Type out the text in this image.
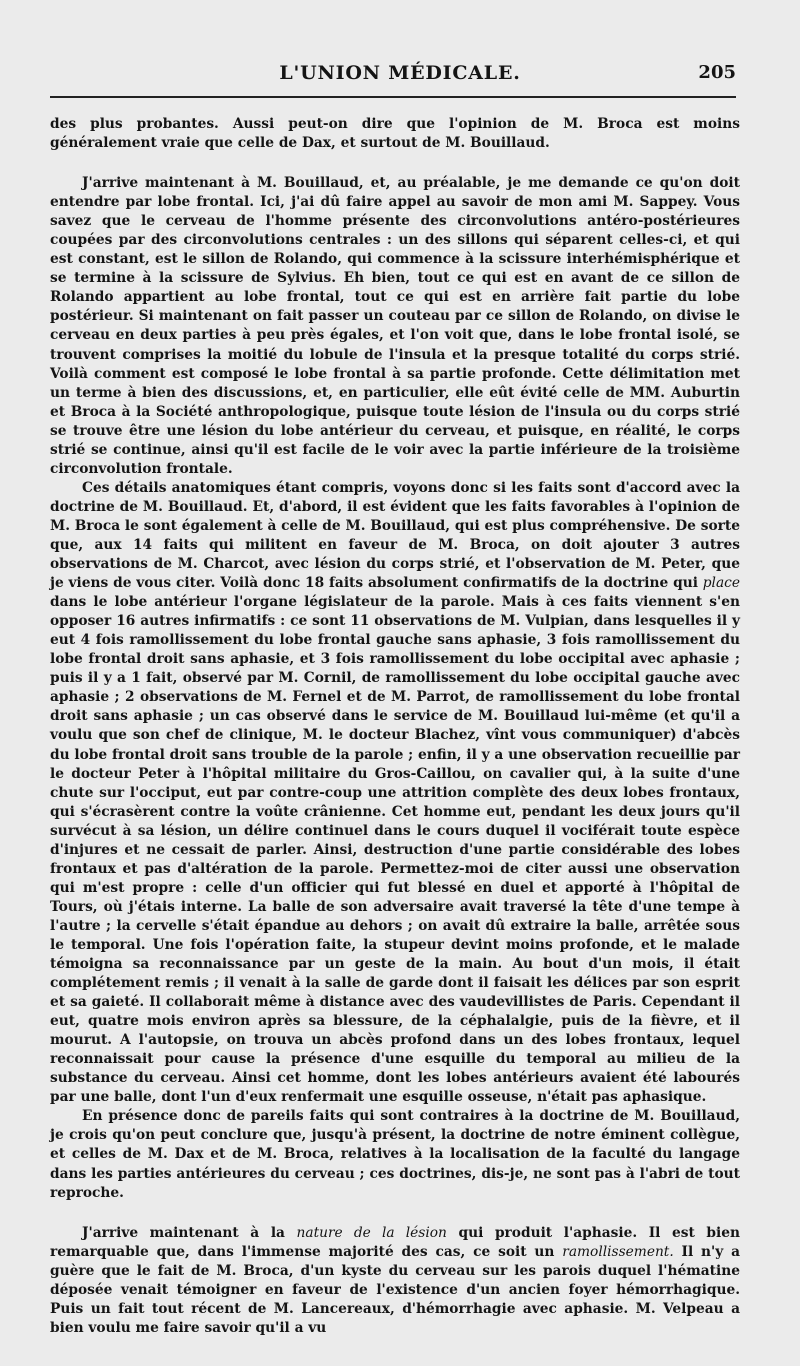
L'UNION MÉDICALE.	205

des plus probantes. Aussi peut-on dire que l'opinion de M. Broca est moins généralement vraie que celle de Dax, et surtout de M. Bouillaud.

J'arrive maintenant à M. Bouillaud, et, au préalable, je me demande ce qu'on doit entendre par lobe frontal. Ici, j'ai dû faire appel au savoir de mon ami M. Sappey. Vous savez que le cerveau de l'homme présente des circonvolutions antéro-postérieures coupées par des circonvolutions centrales : un des sillons qui séparent celles-ci, et qui est constant, est le sillon de Rolando, qui commence à la scissure interhémisphérique et se termine à la scissure de Sylvius. Eh bien, tout ce qui est en avant de ce sillon de Rolando appartient au lobe frontal, tout ce qui est en arrière fait partie du lobe postérieur. Si maintenant on fait passer un couteau par ce sillon de Rolando, on divise le cerveau en deux parties à peu près égales, et l'on voit que, dans le lobe frontal isolé, se trouvent comprises la moitié du lobule de l'insula et la presque totalité du corps strié. Voilà comment est composé le lobe frontal à sa partie profonde. Cette délimitation met un terme à bien des discussions, et, en particulier, elle eût évité celle de MM. Auburtin et Broca à la Société anthropologique, puisque toute lésion de l'insula ou du corps strié se trouve être une lésion du lobe antérieur du cerveau, et puisque, en réalité, le corps strié se continue, ainsi qu'il est facile de le voir avec la partie inférieure de la troisième circonvolution frontale.

Ces détails anatomiques étant compris, voyons donc si les faits sont d'accord avec la doctrine de M. Bouillaud. Et, d'abord, il est évident que les faits favorables à l'opinion de M. Broca le sont également à celle de M. Bouillaud, qui est plus compréhensive. De sorte que, aux 14 faits qui militent en faveur de M. Broca, on doit ajouter 3 autres observations de M. Charcot, avec lésion du corps strié, et l'observation de M. Peter, que je viens de vous citer. Voilà donc 18 faits absolument confirmatifs de la doctrine qui place dans le lobe antérieur l'organe législateur de la parole. Mais à ces faits viennent s'en opposer 16 autres infirmatifs : ce sont 11 observations de M. Vulpian, dans lesquelles il y eut 4 fois ramollissement du lobe frontal gauche sans aphasie, 3 fois ramollissement du lobe frontal droit sans aphasie, et 3 fois ramollissement du lobe occipital avec aphasie ; puis il y a 1 fait, observé par M. Cornil, de ramollissement du lobe occipital gauche avec aphasie ; 2 observations de M. Fernel et de M. Parrot, de ramollissement du lobe frontal droit sans aphasie ; un cas observé dans le service de M. Bouillaud lui-même (et qu'il a voulu que son chef de clinique, M. le docteur Blachez, vînt vous communiquer) d'abcès du lobe frontal droit sans trouble de la parole ; enfin, il y a une observation recueillie par le docteur Peter à l'hôpital militaire du Gros-Caillou, on cavalier qui, à la suite d'une chute sur l'occiput, eut par contre-coup une attrition complète des deux lobes frontaux, qui s'écrasèrent contre la voûte crânienne. Cet homme eut, pendant les deux jours qu'il survécut à sa lésion, un délire continuel dans le cours duquel il vociférait toute espèce d'injures et ne cessait de parler. Ainsi, destruction d'une partie considérable des lobes frontaux et pas d'altération de la parole. Permettez-moi de citer aussi une observation qui m'est propre : celle d'un officier qui fut blessé en duel et apporté à l'hôpital de Tours, où j'étais interne. La balle de son adversaire avait traversé la tête d'une tempe à l'autre ; la cervelle s'était épandue au dehors ; on avait dû extraire la balle, arrêtée sous le temporal. Une fois l'opération faite, la stupeur devint moins profonde, et le malade témoigna sa reconnaissance par un geste de la main. Au bout d'un mois, il était complétement remis ; il venait à la salle de garde dont il faisait les délices par son esprit et sa gaieté. Il collaborait même à distance avec des vaudevillistes de Paris. Cependant il eut, quatre mois environ après sa blessure, de la céphalalgie, puis de la fièvre, et il mourut. A l'autopsie, on trouva un abcès profond dans un des lobes frontaux, lequel reconnaissait pour cause la présence d'une esquille du temporal au milieu de la substance du cerveau. Ainsi cet homme, dont les lobes antérieurs avaient été labourés par une balle, dont l'un d'eux renfermait une esquille osseuse, n'était pas aphasique.

En présence donc de pareils faits qui sont contraires à la doctrine de M. Bouillaud, je crois qu'on peut conclure que, jusqu'à présent, la doctrine de notre éminent collègue, et celles de M. Dax et de M. Broca, relatives à la localisation de la faculté du langage dans les parties antérieures du cerveau ; ces doctrines, dis-je, ne sont pas à l'abri de tout reproche.

J'arrive maintenant à la nature de la lésion qui produit l'aphasie. Il est bien remarquable que, dans l'immense majorité des cas, ce soit un ramollissement. Il n'y a guère que le fait de M. Broca, d'un kyste du cerveau sur les parois duquel l'hématine déposée venait témoigner en faveur de l'existence d'un ancien foyer hémorrhagique. Puis un fait tout récent de M. Lancereaux, d'hémorrhagie avec aphasie. M. Velpeau a bien voulu me faire savoir qu'il a vu
